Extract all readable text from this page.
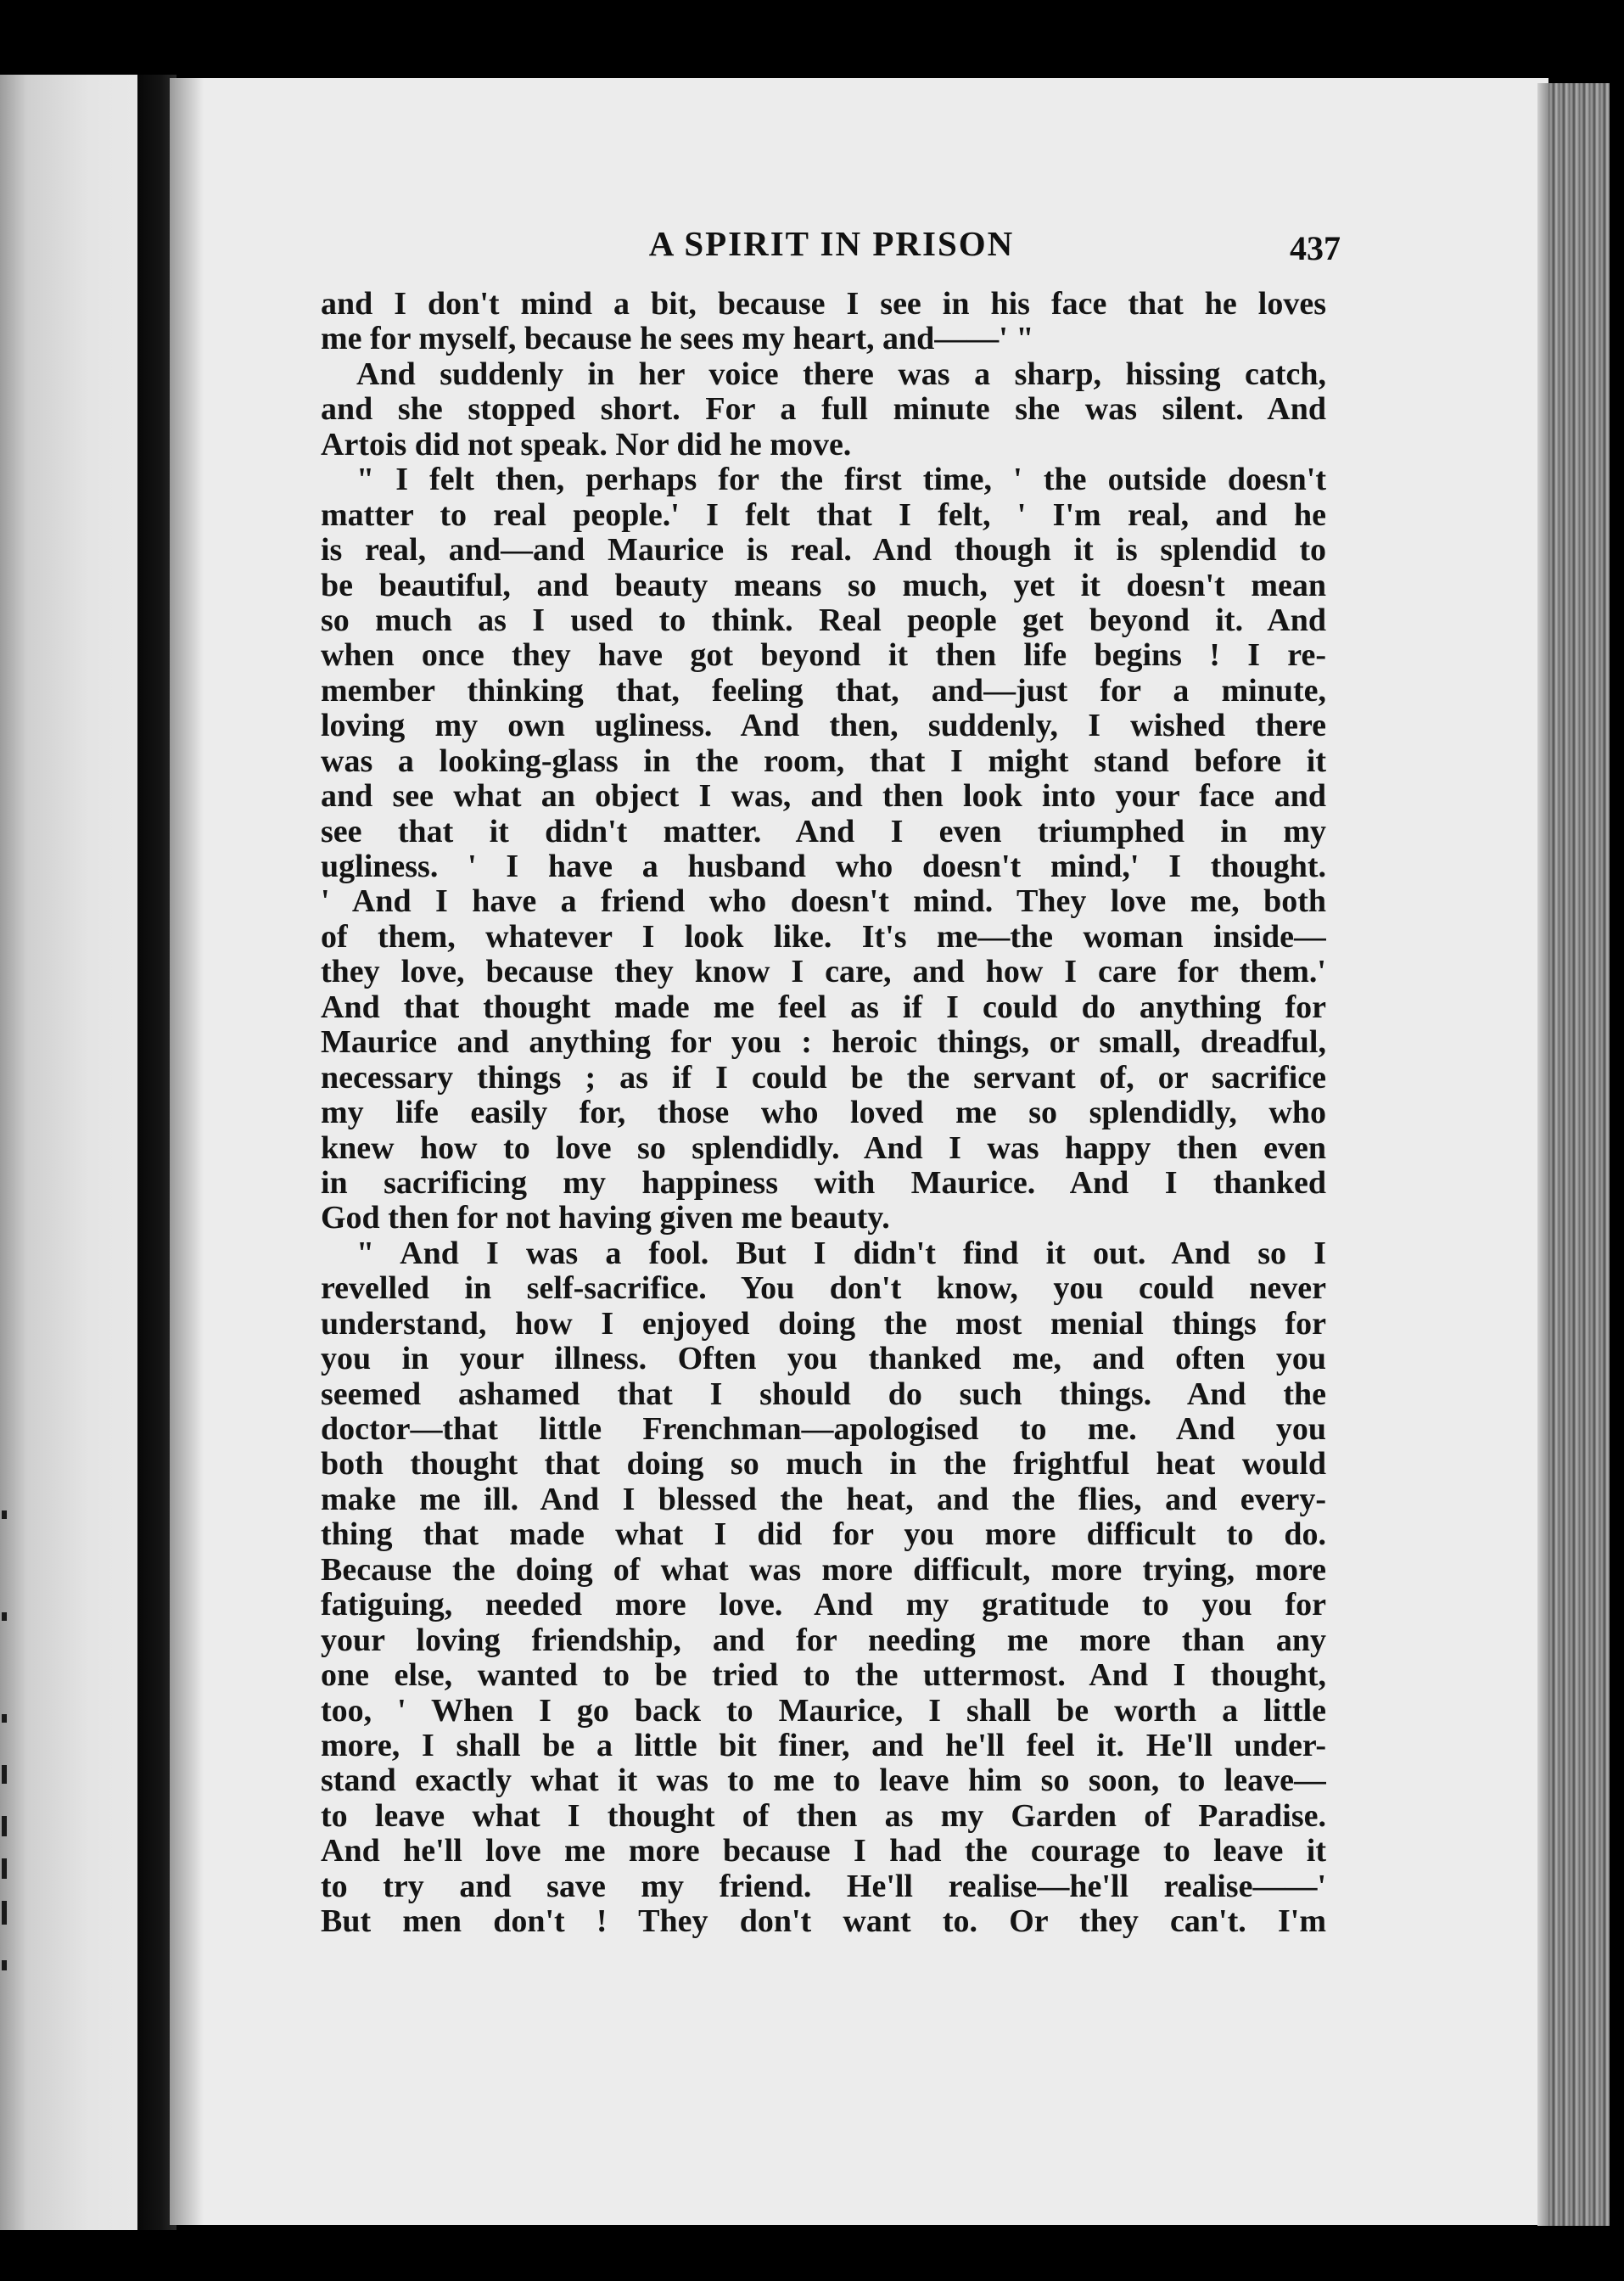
A SPIRIT IN PRISON	437
and I don't mind a bit, because I see in his face that he loves
me for myself, because he sees my heart, and——' "
And suddenly in her voice there was a sharp, hissing catch,
and she stopped short. For a full minute she was silent. And
Artois did not speak. Nor did he move.
" I felt then, perhaps for the first time, ' the outside doesn't
matter to real people.' I felt that I felt, ' I'm real, and he
is real, and—and Maurice is real. And though it is splendid to
be beautiful, and beauty means so much, yet it doesn't mean
so much as I used to think. Real people get beyond it. And
when once they have got beyond it then life begins ! I re-
member thinking that, feeling that, and—just for a minute,
loving my own ugliness. And then, suddenly, I wished there
was a looking-glass in the room, that I might stand before it
and see what an object I was, and then look into your face and
see that it didn't matter. And I even triumphed in my
ugliness. ' I have a husband who doesn't mind,' I thought.
' And I have a friend who doesn't mind. They love me, both
of them, whatever I look like. It's me—the woman inside—
they love, because they know I care, and how I care for them.'
And that thought made me feel as if I could do anything for
Maurice and anything for you : heroic things, or small, dreadful,
necessary things ; as if I could be the servant of, or sacrifice
my life easily for, those who loved me so splendidly, who
knew how to love so splendidly. And I was happy then even
in sacrificing my happiness with Maurice. And I thanked
God then for not having given me beauty.
" And I was a fool. But I didn't find it out. And so I
revelled in self-sacrifice. You don't know, you could never
understand, how I enjoyed doing the most menial things for
you in your illness. Often you thanked me, and often you
seemed ashamed that I should do such things. And the
doctor—that little Frenchman—apologised to me. And you
both thought that doing so much in the frightful heat would
make me ill. And I blessed the heat, and the flies, and every-
thing that made what I did for you more difficult to do.
Because the doing of what was more difficult, more trying, more
fatiguing, needed more love. And my gratitude to you for
your loving friendship, and for needing me more than any
one else, wanted to be tried to the uttermost. And I thought,
too, ' When I go back to Maurice, I shall be worth a little
more, I shall be a little bit finer, and he'll feel it. He'll under-
stand exactly what it was to me to leave him so soon, to leave—
to leave what I thought of then as my Garden of Paradise.
And he'll love me more because I had the courage to leave it
to try and save my friend. He'll realise—he'll realise——'
But men don't ! They don't want to. Or they can't. I'm
